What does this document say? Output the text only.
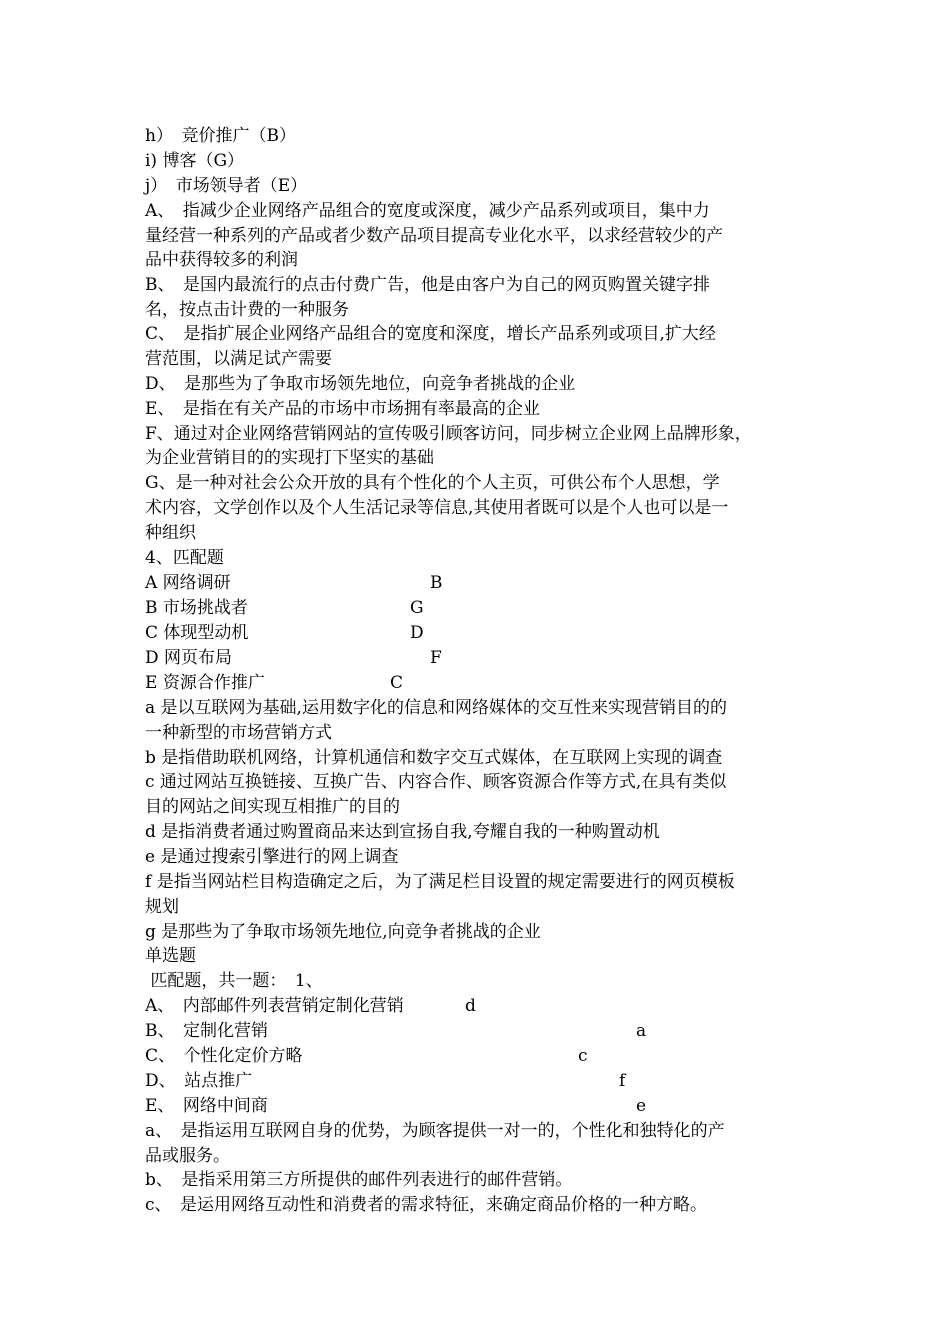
h）　竞价推广（B）
i) 博客（G）
j）　市场领导者（E）
A、　指减少企业网络产品组合的宽度或深度，减少产品系列或项目，集中力
量经营一种系列的产品或者少数产品项目提高专业化水平，以求经营较少的产
品中获得较多的利润
B、　是国内最流行的点击付费广告，他是由客户为自己的网页购置关键字排
名，按点击计费的一种服务
C、　是指扩展企业网络产品组合的宽度和深度，增长产品系列或项目,扩大经
营范围，以满足试产需要
D、　是那些为了争取市场领先地位，向竞争者挑战的企业
E、　是指在有关产品的市场中市场拥有率最高的企业
F、通过对企业网络营销网站的宣传吸引顾客访问，同步树立企业网上品牌形象，
为企业营销目的的实现打下坚实的基础
G、是一种对社会公众开放的具有个性化的个人主页，可供公布个人思想，学
术内容，文学创作以及个人生活记录等信息,其使用者既可以是个人也可以是一
种组织
4、匹配题
A 网络调研	B
B 市场挑战者	G
C 体现型动机	D
D 网页布局	F
E 资源合作推广	C
a 是以互联网为基础,运用数字化的信息和网络媒体的交互性来实现营销目的的
一种新型的市场营销方式
b 是指借助联机网络，计算机通信和数字交互式媒体，在互联网上实现的调查
c 通过网站互换链接、互换广告、内容合作、顾客资源合作等方式,在具有类似
目的网站之间实现互相推广的目的
d 是指消费者通过购置商品来达到宣扬自我,夸耀自我的一种购置动机
e 是通过搜索引擎进行的网上调查
f 是指当网站栏目构造确定之后，为了满足栏目设置的规定需要进行的网页模板
规划
g 是那些为了争取市场领先地位,向竞争者挑战的企业
单选题
匹配题，共一题：　1、
A、　内部邮件列表营销定制化营销	d
B、　定制化营销	a
C、　个性化定价方略	c
D、　站点推广	f
E、　网络中间商	e
a、　是指运用互联网自身的优势，为顾客提供一对一的，个性化和独特化的产
品或服务。
b、　是指采用第三方所提供的邮件列表进行的邮件营销。
c、　是运用网络互动性和消费者的需求特征，来确定商品价格的一种方略。
